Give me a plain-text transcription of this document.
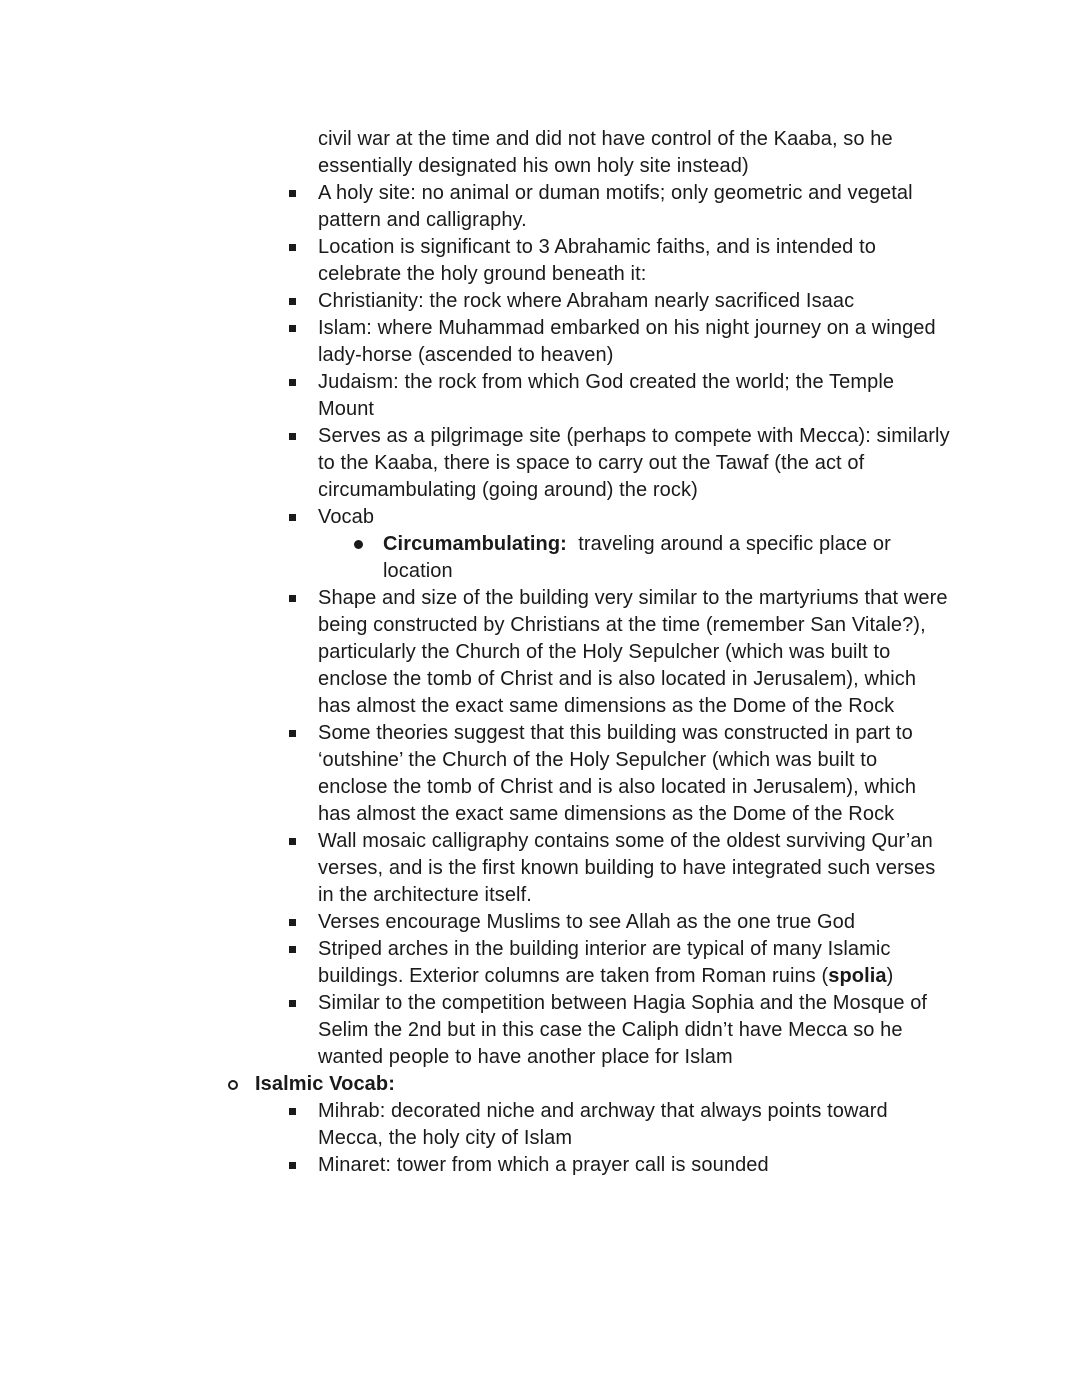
civil war at the time and did not have control of the Kaaba, so he essentially designated his own holy site instead)
A holy site: no animal or duman motifs; only geometric and vegetal pattern and calligraphy.
Location is significant to 3 Abrahamic faiths, and is intended to celebrate the holy ground beneath it:
Christianity: the rock where Abraham nearly sacrificed Isaac
Islam: where Muhammad embarked on his night journey on a winged lady-horse (ascended to heaven)
Judaism: the rock from which God created the world; the Temple Mount
Serves as a pilgrimage site (perhaps to compete with Mecca): similarly to the Kaaba, there is space to carry out the Tawaf (the act of circumambulating (going around) the rock)
Vocab
Circumambulating:  traveling around a specific place or location
Shape and size of the building very similar to the martyriums that were being constructed by Christians at the time (remember San Vitale?), particularly the Church of the Holy Sepulcher (which was built to enclose the tomb of Christ and is also located in Jerusalem), which has almost the exact same dimensions as the Dome of the Rock
Some theories suggest that this building was constructed in part to ‘outshine’ the Church of the Holy Sepulcher (which was built to enclose the tomb of Christ and is also located in Jerusalem), which has almost the exact same dimensions as the Dome of the Rock
Wall mosaic calligraphy contains some of the oldest surviving Qur’an verses, and is the first known building to have integrated such verses in the architecture itself.
Verses encourage Muslims to see Allah as the one true God
Striped arches in the building interior are typical of many Islamic buildings. Exterior columns are taken from Roman ruins (spolia)
Similar to the competition between Hagia Sophia and the Mosque of Selim the 2nd but in this case the Caliph didn’t have Mecca so he wanted people to have another place for Islam
Isalmic Vocab:
Mihrab: decorated niche and archway that always points toward Mecca, the holy city of Islam
Minaret: tower from which a prayer call is sounded
